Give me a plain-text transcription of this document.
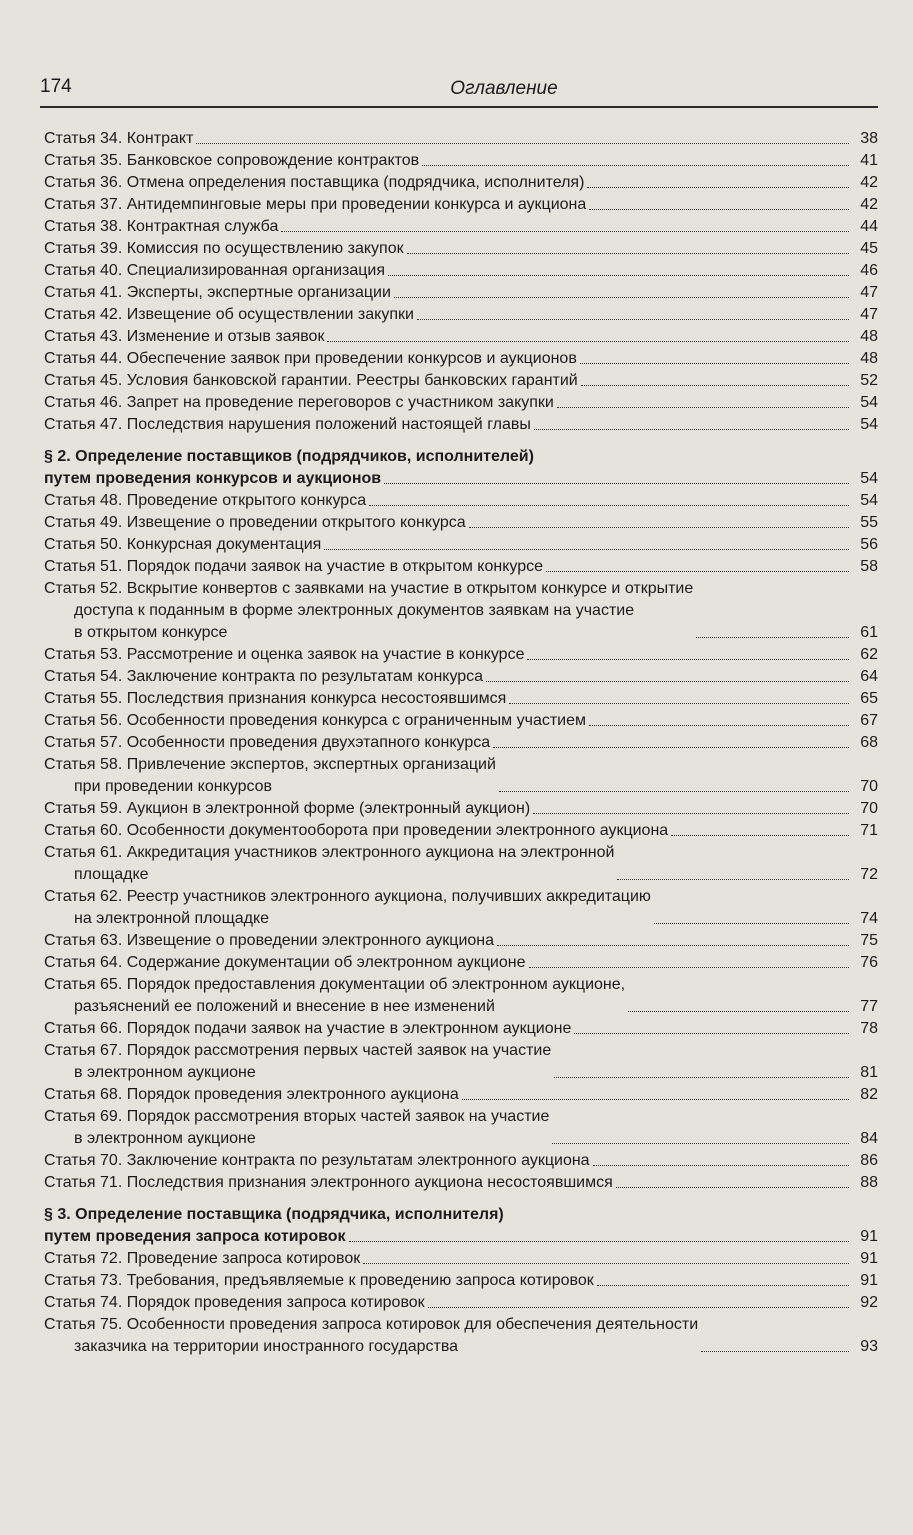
174	Оглавление
Статья 34. Контракт	38
Статья 35. Банковское сопровождение контрактов	41
Статья 36. Отмена определения поставщика (подрядчика, исполнителя)	42
Статья 37. Антидемпинговые меры при проведении конкурса и аукциона	42
Статья 38. Контрактная служба	44
Статья 39. Комиссия по осуществлению закупок	45
Статья 40. Специализированная организация	46
Статья 41. Эксперты, экспертные организации	47
Статья 42. Извещение об осуществлении закупки	47
Статья 43. Изменение и отзыв заявок	48
Статья 44. Обеспечение заявок при проведении конкурсов и аукционов	48
Статья 45. Условия банковской гарантии. Реестры банковских гарантий	52
Статья 46. Запрет на проведение переговоров с участником закупки	54
Статья 47. Последствия нарушения положений настоящей главы	54
§ 2. Определение поставщиков (подрядчиков, исполнителей)
путем проведения конкурсов и аукционов	54
Статья 48. Проведение открытого конкурса	54
Статья 49. Извещение о проведении открытого конкурса	55
Статья 50. Конкурсная документация	56
Статья 51. Порядок подачи заявок на участие в открытом конкурсе	58
Статья 52. Вскрытие конвертов с заявками на участие в открытом конкурсе и открытие
доступа к поданным в форме электронных документов заявкам на участие
в открытом конкурсе	61
Статья 53. Рассмотрение и оценка заявок на участие в конкурсе	62
Статья 54. Заключение контракта по результатам конкурса	64
Статья 55. Последствия признания конкурса несостоявшимся	65
Статья 56. Особенности проведения конкурса с ограниченным участием	67
Статья 57. Особенности проведения двухэтапного конкурса	68
Статья 58. Привлечение экспертов, экспертных организаций
при проведении конкурсов	70
Статья 59. Аукцион в электронной форме (электронный аукцион)	70
Статья 60. Особенности документооборота при проведении электронного аукциона	71
Статья 61. Аккредитация участников электронного аукциона на электронной
площадке	72
Статья 62. Реестр участников электронного аукциона, получивших аккредитацию
на электронной площадке	74
Статья 63. Извещение о проведении электронного аукциона	75
Статья 64. Содержание документации об электронном аукционе	76
Статья 65. Порядок предоставления документации об электронном аукционе,
разъяснений ее положений и внесение в нее изменений	77
Статья 66. Порядок подачи заявок на участие в электронном аукционе	78
Статья 67. Порядок рассмотрения первых частей заявок на участие
в электронном аукционе	81
Статья 68. Порядок проведения электронного аукциона	82
Статья 69. Порядок рассмотрения вторых частей заявок на участие
в электронном аукционе	84
Статья 70. Заключение контракта по результатам электронного аукциона	86
Статья 71. Последствия признания электронного аукциона несостоявшимся	88
§ 3. Определение поставщика (подрядчика, исполнителя)
путем проведения запроса котировок	91
Статья 72. Проведение запроса котировок	91
Статья 73. Требования, предъявляемые к проведению запроса котировок	91
Статья 74. Порядок проведения запроса котировок	92
Статья 75. Особенности проведения запроса котировок для обеспечения деятельности
заказчика на территории иностранного государства	93
